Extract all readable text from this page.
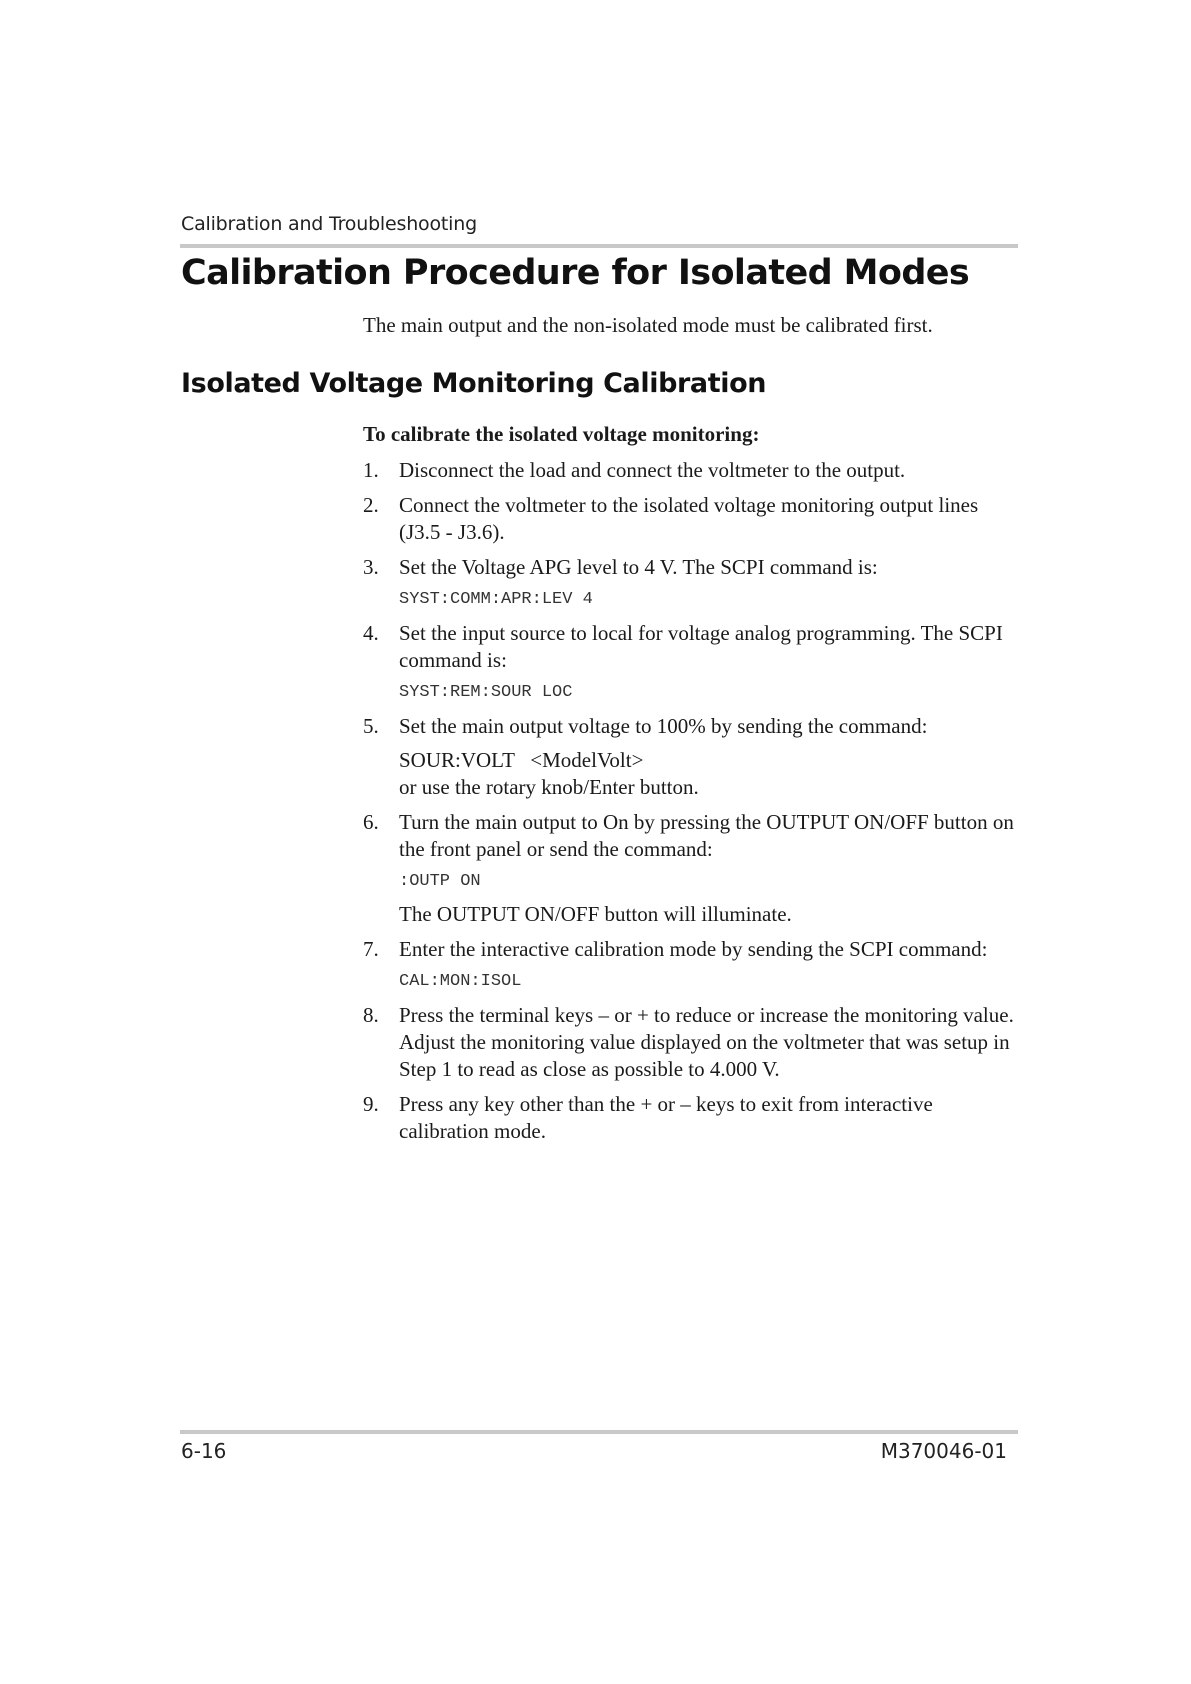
Calibration and Troubleshooting
Calibration Procedure for Isolated Modes

The main output and the non-isolated mode must be calibrated first.

Isolated Voltage Monitoring Calibration

To calibrate the isolated voltage monitoring:

1. Disconnect the load and connect the voltmeter to the output.

2. Connect the voltmeter to the isolated voltage monitoring output lines (J3.5 - J3.6).

3. Set the Voltage APG level to 4 V. The SCPI command is:

SYST:COMM:APR:LEV 4

4. Set the input source to local for voltage analog programming. The SCPI command is:

SYST:REM:SOUR LOC

5. Set the main output voltage to 100% by sending the command:

SOUR:VOLT   <ModelVolt>

or use the rotary knob/Enter button.

6. Turn the main output to On by pressing the OUTPUT ON/OFF button on the front panel or send the command:

:OUTP ON

The OUTPUT ON/OFF button will illuminate.

7. Enter the interactive calibration mode by sending the SCPI command:

CAL:MON:ISOL

8. Press the terminal keys – or + to reduce or increase the monitoring value. Adjust the monitoring value displayed on the voltmeter that was setup in Step 1 to read as close as possible to 4.000 V.

9. Press any key other than the + or – keys to exit from interactive calibration mode.

6-16	M370046-01
